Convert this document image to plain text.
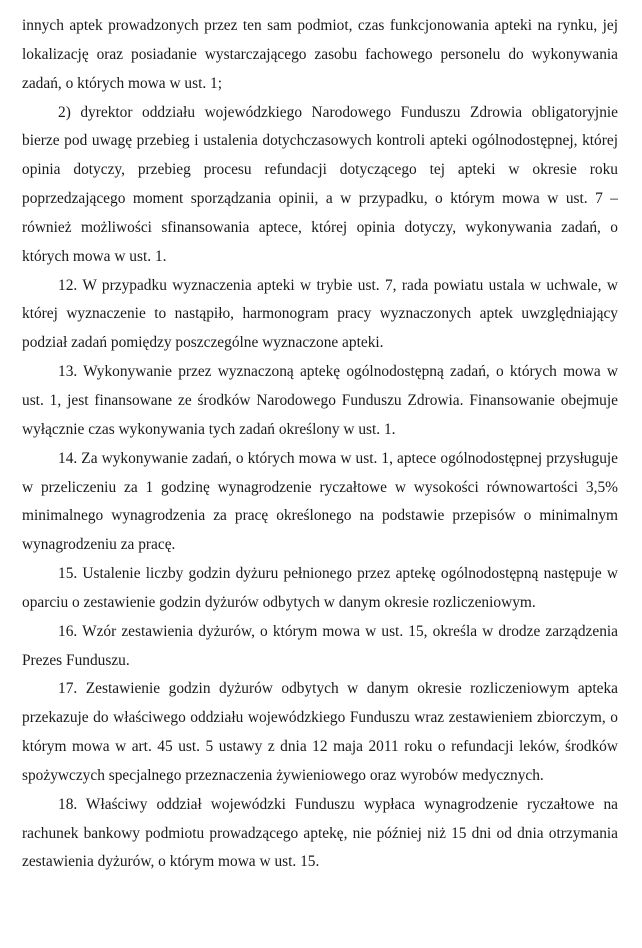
innych aptek prowadzonych przez ten sam podmiot, czas funkcjonowania apteki na rynku, jej lokalizację oraz posiadanie wystarczającego zasobu fachowego personelu do wykonywania zadań, o których mowa w ust. 1;

2) dyrektor oddziału wojewódzkiego Narodowego Funduszu Zdrowia obligatoryjnie bierze pod uwagę przebieg i ustalenia dotychczasowych kontroli apteki ogólnodostępnej, której opinia dotyczy, przebieg procesu refundacji dotyczącego tej apteki w okresie roku poprzedzającego moment sporządzania opinii, a w przypadku, o którym mowa w ust. 7 – również możliwości sfinansowania aptece, której opinia dotyczy, wykonywania zadań, o których mowa w ust. 1.

12. W przypadku wyznaczenia apteki w trybie ust. 7, rada powiatu ustala w uchwale, w której wyznaczenie to nastąpiło, harmonogram pracy wyznaczonych aptek uwzględniający podział zadań pomiędzy poszczególne wyznaczone apteki.

13. Wykonywanie przez wyznaczoną aptekę ogólnodostępną zadań, o których mowa w ust. 1, jest finansowane ze środków Narodowego Funduszu Zdrowia. Finansowanie obejmuje wyłącznie czas wykonywania tych zadań określony w ust. 1.

14. Za wykonywanie zadań, o których mowa w ust. 1, aptece ogólnodostępnej przysługuje w przeliczeniu za 1 godzinę wynagrodzenie ryczałtowe w wysokości równowartości 3,5% minimalnego wynagrodzenia za pracę określonego na podstawie przepisów o minimalnym wynagrodzeniu za pracę.

15. Ustalenie liczby godzin dyżuru pełnionego przez aptekę ogólnodostępną następuje w oparciu o zestawienie godzin dyżurów odbytych w danym okresie rozliczeniowym.

16. Wzór zestawienia dyżurów, o którym mowa w ust. 15, określa w drodze zarządzenia Prezes Funduszu.

17. Zestawienie godzin dyżurów odbytych w danym okresie rozliczeniowym apteka przekazuje do właściwego oddziału wojewódzkiego Funduszu wraz zestawieniem zbiorczym, o którym mowa w art. 45 ust. 5 ustawy z dnia 12 maja 2011 roku o refundacji leków, środków spożywczych specjalnego przeznaczenia żywieniowego oraz wyrobów medycznych.

18. Właściwy oddział wojewódzki Funduszu wypłaca wynagrodzenie ryczałtowe na rachunek bankowy podmiotu prowadzącego aptekę, nie później niż 15 dni od dnia otrzymania zestawienia dyżurów, o którym mowa w ust. 15.
